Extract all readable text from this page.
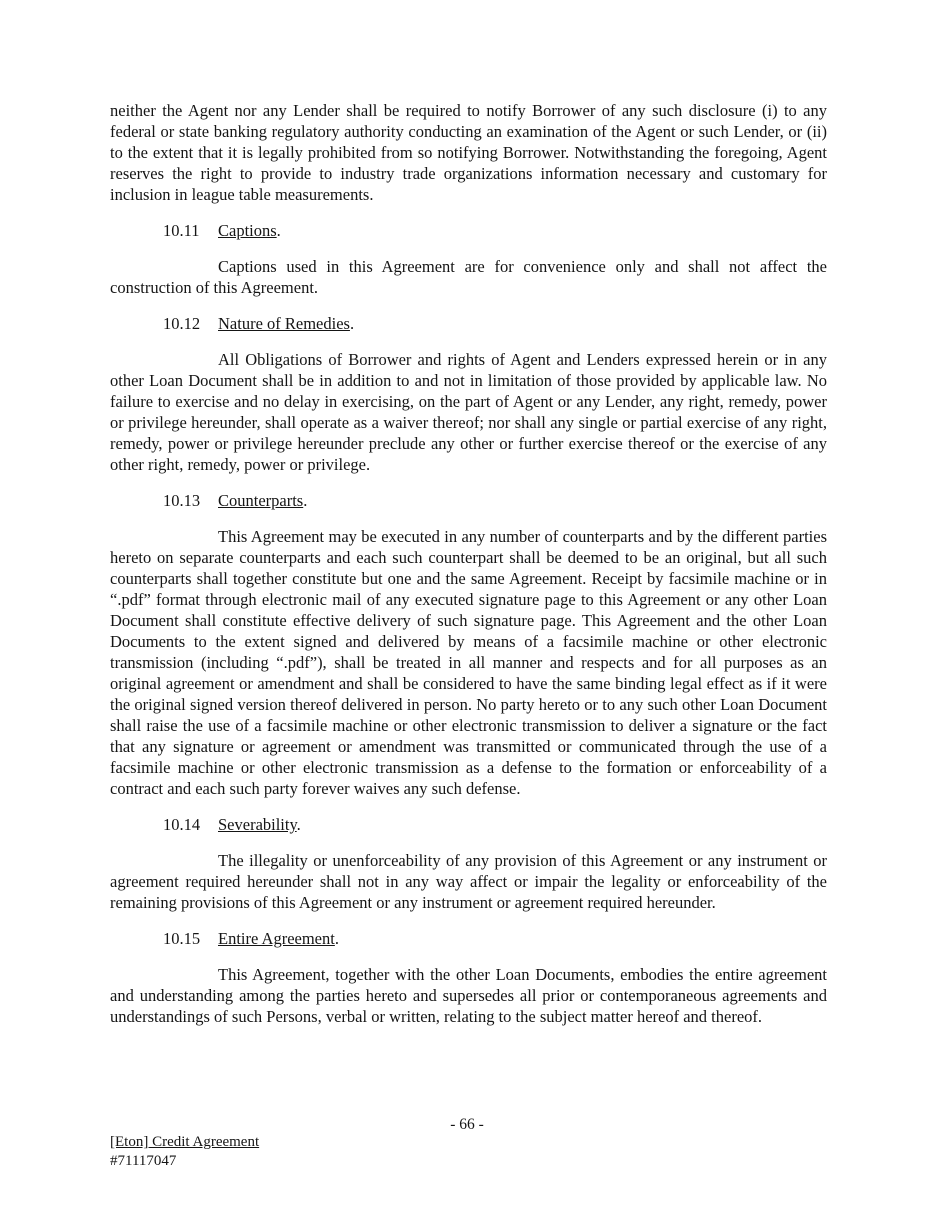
neither the Agent nor any Lender shall be required to notify Borrower of any such disclosure (i) to any federal or state banking regulatory authority conducting an examination of the Agent or such Lender, or (ii) to the extent that it is legally prohibited from so notifying Borrower. Notwithstanding the foregoing, Agent reserves the right to provide to industry trade organizations information necessary and customary for inclusion in league table measurements.

10.11 Captions.

Captions used in this Agreement are for convenience only and shall not affect the construction of this Agreement.

10.12 Nature of Remedies.

All Obligations of Borrower and rights of Agent and Lenders expressed herein or in any other Loan Document shall be in addition to and not in limitation of those provided by applicable law. No failure to exercise and no delay in exercising, on the part of Agent or any Lender, any right, remedy, power or privilege hereunder, shall operate as a waiver thereof; nor shall any single or partial exercise of any right, remedy, power or privilege hereunder preclude any other or further exercise thereof or the exercise of any other right, remedy, power or privilege.

10.13 Counterparts.

This Agreement may be executed in any number of counterparts and by the different parties hereto on separate counterparts and each such counterpart shall be deemed to be an original, but all such counterparts shall together constitute but one and the same Agreement. Receipt by facsimile machine or in “.pdf” format through electronic mail of any executed signature page to this Agreement or any other Loan Document shall constitute effective delivery of such signature page. This Agreement and the other Loan Documents to the extent signed and delivered by means of a facsimile machine or other electronic transmission (including “.pdf”), shall be treated in all manner and respects and for all purposes as an original agreement or amendment and shall be considered to have the same binding legal effect as if it were the original signed version thereof delivered in person. No party hereto or to any such other Loan Document shall raise the use of a facsimile machine or other electronic transmission to deliver a signature or the fact that any signature or agreement or amendment was transmitted or communicated through the use of a facsimile machine or other electronic transmission as a defense to the formation or enforceability of a contract and each such party forever waives any such defense.

10.14 Severability.

The illegality or unenforceability of any provision of this Agreement or any instrument or agreement required hereunder shall not in any way affect or impair the legality or enforceability of the remaining provisions of this Agreement or any instrument or agreement required hereunder.

10.15 Entire Agreement.

This Agreement, together with the other Loan Documents, embodies the entire agreement and understanding among the parties hereto and supersedes all prior or contemporaneous agreements and understandings of such Persons, verbal or written, relating to the subject matter hereof and thereof.

- 66 -
[Eton] Credit Agreement
#71117047
